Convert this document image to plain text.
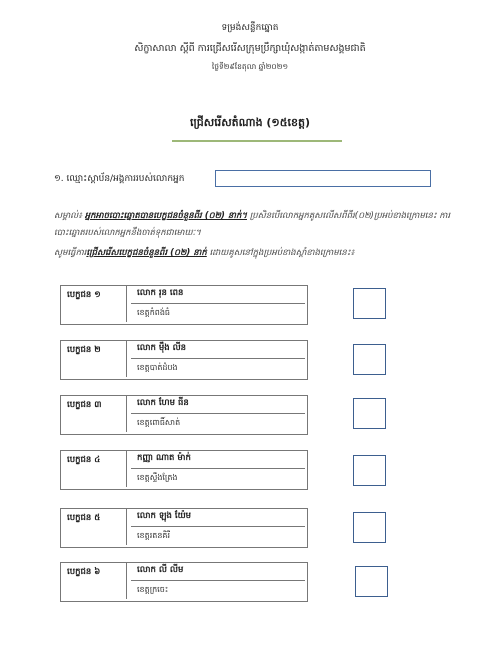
ទម្រង់សន្លឹកឆ្នោត
សិក្ខាសាលា ស្តីពី ការជ្រើសរើសក្រុមប្រឹក្សាឃុំសង្កាត់តាមសង្គមជាតិ
ថ្ងៃទី២៩ខែតុលា ឆ្នាំ២០២១
ជ្រើសរើសតំណាង (១៥ខេត្ត)
១. ឈ្មោះស្តាប័ន/អង្គការរបស់លោកអ្នក
សម្គាល់៖ អ្នកអាចបោះឆ្នោតបានបេក្ខជនចំនួនពីរ (០២) នាក់។ ប្រសិនបើលោកអ្នកគូសលើសពីពីរ(០២)ប្រអប់ខាងក្រោមនេះ ការបោះឆ្នោតរបស់លោកអ្នកនឹងចាត់ទុកជាមោឃៈ។
សូមធ្វើការជ្រើសរើសបេក្ខជនចំនួនពីរ (០២) នាក់ ដោយគូសនៅក្នុងប្រអប់ខាងស្តាំខាងក្រោមនេះ៖
បេក្ខជន ១	លោក រុន ពេន
ខេត្តកំពង់ធំ
បេក្ខជន ២	លោក ម៉ឹង លីន
ខេត្តបាត់ដំបង
បេក្ខជន ៣	លោក ហែម ធីន
ខេត្តពោធិ៍សាត់
បេក្ខជន ៤	កញ្ញា ណាត ម៉ាក់
ខេត្តស្ទឹងត្រែង
បេក្ខជន ៥	លោក ឡុង យ៉ែម
ខេត្តរតនគិរី
បេក្ខជន ៦	លោក លី លីម
ខេត្តក្រចេះ
